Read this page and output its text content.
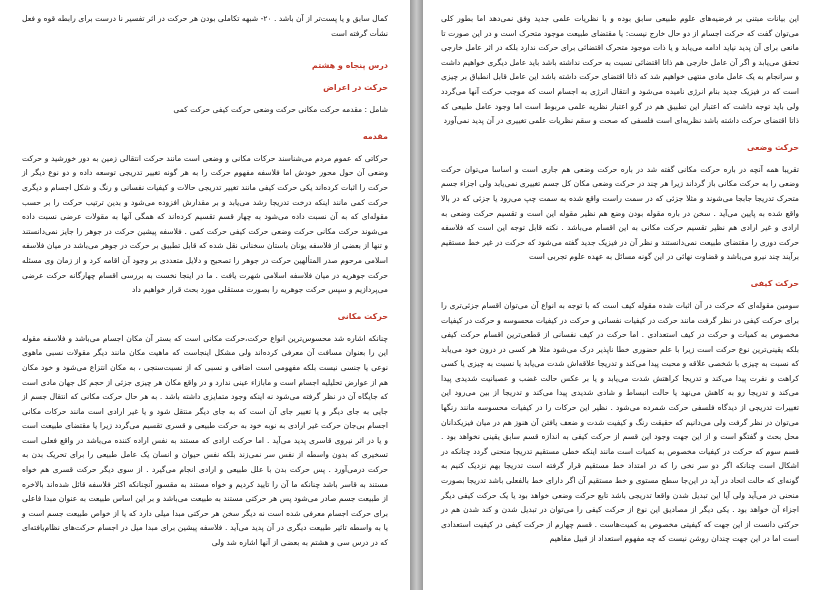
کمال سابق و یا پست‌تر از آن باشد . ۲۰- شبهه تکاملی بودن هر حرکت در اثر تفسیر نا درست برای رابطه قوه و فعل نشأت گرفته است

درس پنجاه و هشتم
حرکت در اعراض

شامل : مقدمه حرکت مکانی حرکت وضعی حرکت کیفی حرکت کمی

مقدمه

حرکاتی که عموم مردم می‌شناسند حرکات مکانی و وضعی است مانند حرکت انتقالی زمین به دور خورشید و حرکت وضعی آن حول محور خودش اما فلاسفه مفهوم حرکت را به هر گونه تغییر تدریجی توسعه داده و دو نوع دیگر از حرکت را اثبات کرده‌اند یکی حرکت کیفی مانند تغییر تدریجی حالات و کیفیات نفسانی و رنگ و شکل اجسام و دیگری حرکت کمی مانند اینکه درخت تدریجا رشد می‌یابد و بر مقدارش افزوده می‌شود و بدین ترتیب حرکت را بر حسب مقوله‌ای که به آن نسبت داده می‌شود به چهار قسم تقسیم کرده‌اند که همگی آنها به مقولات عرضی نسبت داده می‌شوند حرکت مکانی حرکت وضعی حرکت کیفی حرکت کمی . فلاسفه پیشین حرکت در جوهر را جایز نمی‌دانستند و تنها از بعضی از فلاسفه یونان باستان سخنانی نقل شده که قابل تطبیق بر حرکت در جوهر می‌باشد در میان فلاسفه اسلامی مرحوم صدر المتألهین حرکت در جوهر را تصحیح و دلایل متعددی بر وجود آن اقامه کرد و از زمان وی مسئله حرکت جوهریه در میان فلاسفه اسلامی شهرت یافت . ما در اینجا نخست به بررسی اقسام چهارگانه حرکت عرضی می‌پردازیم و سپس حرکت جوهریه را بصورت مستقلی مورد بحث قرار خواهیم داد

حرکت مکانی

چنانکه اشاره شد محسوس‌ترین انواع حرکت،حرکت مکانی است که بستر آن مکان اجسام می‌باشد و فلاسفه مقوله این را بعنوان مسافت آن معرفی کرده‌اند ولی مشکل اینجاست که ماهیت مکان مانند دیگر مقولات نسبی ماهوی نوعی یا جنسی نیست بلکه مفهومی است اضافی و نسبی که از نسبت‌سنجی ، به مکان انتزاع می‌شود و خود مکان هم از عوارض تحلیلیه اجسام است و مابازاء عینی ندارد و در واقع مکان هر چیزی جزئی از حجم کل جهان مادی است که جایگاه آن در نظر گرفته می‌شود نه اینکه وجود متمایزی داشته باشد . به هر حال حرکت مکانی که انتقال جسم از جایی به جای دیگر و یا تغییر جای آن است که به جای دیگر منتقل شود و یا غیر ارادی است مانند حرکات مکانی اجسام بی‌جان حرکت غیر ارادی به نوبه خود به حرکت طبیعی و قسری تقسیم می‌گردد زیرا یا مقتضای طبیعت است و یا در اثر نیروی قاسری پدید می‌آید . اما حرکت ارادی که مستند به نفس اراده کننده می‌باشد در واقع فعلی است تسخیری که بدون واسطه از نفس سر نمی‌زند بلکه نفس حیوان و انسان یک عامل طبیعی را برای تحریک بدن به حرکت درمی‌آورد . پس حرکت بدن با علل طبیعی و ارادی انجام می‌گیرد . از سوی دیگر حرکت قسری هم خواه مستند به قاسر باشد چنانکه ما آن را تایید کردیم و خواه مستند به مقسور آنچنانکه اکثر فلاسفه قائل شده‌اند بالاخره از طبیعت جسم صادر می‌شود پس هر حرکتی مستند به طبیعت می‌باشد و بر این اساس طبیعت به عنوان مبدا فاعلی برای حرکت اجسام معرفی شده است نه دیگر سخن هر حرکتی مبدا میلی دارد که یا از خواص طبیعت جسم است و یا به واسطه تاثیر طبیعت دیگری در آن پدید می‌آید . فلاسفه پیشین برای مبدا میل در اجسام حرکت‌های نظام‌یافته‌ای که در درس سی و هشتم به بعضی از آنها اشاره شد ولی

این بیانات مبتنی بر فرضیه‌های علوم طبیعی سابق بوده و با نظریات علمی جدید وفق نمی‌دهد اما بطور کلی می‌توان گفت که حرکت اجسام از دو حال خارج نیست: یا مقتضای طبیعت موجود متحرک است و در این صورت تا مانعی برای آن پدید نیاید ادامه می‌یابد و یا ذات موجود متحرک اقتضائی برای حرکت ندارد بلکه در اثر عامل خارجی تحقق می‌یابد و اگر آن عامل خارجی هم ذاتا اقتضائی نسبت به حرکت نداشته باشد باید عامل دیگری خواهیم داشت و سرانجام به یک عامل مادی منتهی خواهیم شد که ذاتا اقتضای حرکت داشته باشد این عامل قابل انطباق بر چیزی است که در فیزیک جدید بنام انرژی نامیده می‌شود و انتقال انرژی به اجسام است که موجب حرکت آنها می‌گردد ولی باید توجه داشت که اعتبار این تطبیق هم در گرو اعتبار نظریه علمی مربوط است اما وجود عامل طبیعی که ذاتا اقتضای حرکت داشته باشد نظریه‌ای است فلسفی که صحت و سقم نظریات علمی تغییری در آن پدید نمی‌آورد

حرکت وضعی

تقریبا همه آنچه در باره حرکت مکانی گفته شد در باره حرکت وضعی هم جاری است و اساسا می‌توان حرکت وضعی را به حرکت مکانی باز گرداند زیرا هر چند در حرکت وضعی مکان کل جسم تغییری نمی‌یابد ولی اجزاء جسم متحرک تدریجا جابجا می‌شوند و مثلا جزئی که در سمت راست واقع شده به سمت چپ می‌رود یا جزئی که در بالا واقع شده به پایین می‌آید . سخن در باره مقوله بودن وضع هم نظیر مقوله این است و تقسیم حرکت وضعی به ارادی و غیر ارادی هم نظیر تقسیم حرکت مکانی به این اقسام می‌باشد . نکته قابل توجه این است که فلاسفه حرکت دوری را مقتضای طبیعت نمی‌دانستند و نظر آن در فیزیک جدید گفته می‌شود که حرکت در غیر خط مستقیم برآیند چند نیرو می‌باشد و قضاوت نهائی در این گونه مسائل به عهده علوم تجربی است

حرکت کیفی

سومین مقوله‌ای که حرکت در آن اثبات شده مقوله کیف است که با توجه به انواع آن می‌توان اقسام جزئی‌تری را برای حرکت کیفی در نظر گرفت مانند حرکت در کیفیات نفسانی و حرکت در کیفیات محسوسه و حرکت در کیفیات مخصوص به کمیات و حرکت در کیف استعدادی . اما حرکت در کیف نفسانی از قطعی‌ترین اقسام حرکت کیفی بلکه یقینی‌ترین نوع حرکت است زیرا با علم حضوری خطا ناپذیر درک می‌شود مثلا هر کسی در درون خود می‌یابد که نسبت به چیزی با شخصی علاقه و محبت پیدا می‌کند و تدریجا علاقه‌اش شدت می‌یابد یا نسبت به چیزی یا کسی کراهت و نفرت پیدا می‌کند و تدریجا کراهتش شدت می‌یابد و یا بر عکس حالت غضب و عصبانیت شدیدی پیدا می‌کند و تدریجا رو به کاهش می‌نهد یا حالت انبساط و شادی شدیدی پیدا می‌کند و تدریجا از بین می‌رود این تغییرات تدریجی از دیدگاه فلسفی حرکت شمرده می‌شود . نظیر این حرکات را در کیفیات محسوسه مانند رنگها می‌توان در نظر گرفت ولی می‌دانیم که حقیقت رنگ و کیفیت شدت و ضعف یافتن آن هنوز هم در میان فیزیکدانان محل بحث و گفتگو است و از این جهت وجود این قسم از حرکت کیفی به اندازه قسم سابق یقینی نخواهد بود . قسم سوم که حرکت در کیفیات مخصوص به کمیات است مانند اینکه خطی مستقیم تدریجا منحنی گردد چنانکه در اشکال است چنانکه اگر دو سر نخی را که در امتداد خط مستقیم قرار گرفته است تدریجا بهم نزدیک کنیم به گونه‌ای که حالت اتحاد در آید در این‌جا سطح مستوی و خط مستقیم آن اگر دارای خط بالفعلی باشد تدریجا بصورت منحنی در می‌آید ولی آیا این تبدیل شدن واقعا تدریجی باشد تابع حرکت وضعی خواهد بود یا یک حرکت کیفی دیگر اجزاء آن خواهد بود . یکی دیگر از مصادیق این نوع از حرکت کیفی را می‌توان در تبدیل شدن و کند شدن هم در حرکتی دانست از این جهت که کیفیتی مخصوص به کمیت‌هاست . قسم چهارم از حرکت کیفی در کیفیت استعدادی است اما در این جهت چندان روشن نیست که چه مفهوم استعداد از قبیل مفاهیم
